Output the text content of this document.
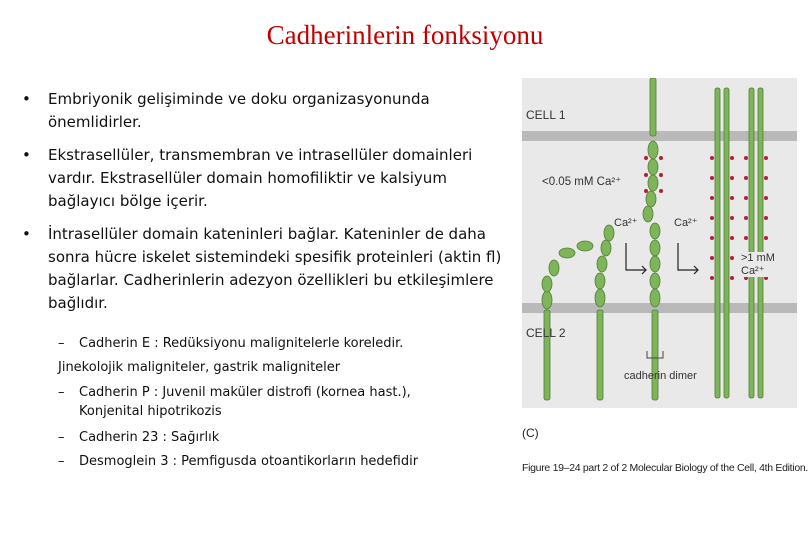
Cadherinlerin fonksiyonu
• Embriyonik gelişiminde ve doku organizasyonunda önemlidirler.
• Ekstrasellüler, transmembran ve intrasellüler domainleri vardır. Ekstrasellüler domain homofiliktir ve kalsiyum bağlayıcı bölge içerir.
• İntrasellüler domain kateninleri bağlar. Kateninler de daha sonra hücre iskelet sistemindeki spesifik proteinleri (aktin fl) bağlarlar. Cadherinlerin adezyon özellikleri bu etkileşimlere bağlıdır.
– Cadherin E : Redüksiyonu malignitelerle koreledir.
Jinekolojik maligniteler, gastrik maligniteler
– Cadherin P : Juvenil maküler distrofi (kornea hast.), Konjenital hipotrikozis
– Cadherin 23 : Sağırlık
– Desmoglein 3 : Pemfigusda otoantikorların hedefidir
CELL 1
CELL 2
<0.05 mM Ca²⁺
>1 mM Ca²⁺
Ca²⁺	Ca²⁺
cadherin dimer
(C)
Figure 19–24 part 2 of 2 Molecular Biology of the Cell, 4th Edition.
